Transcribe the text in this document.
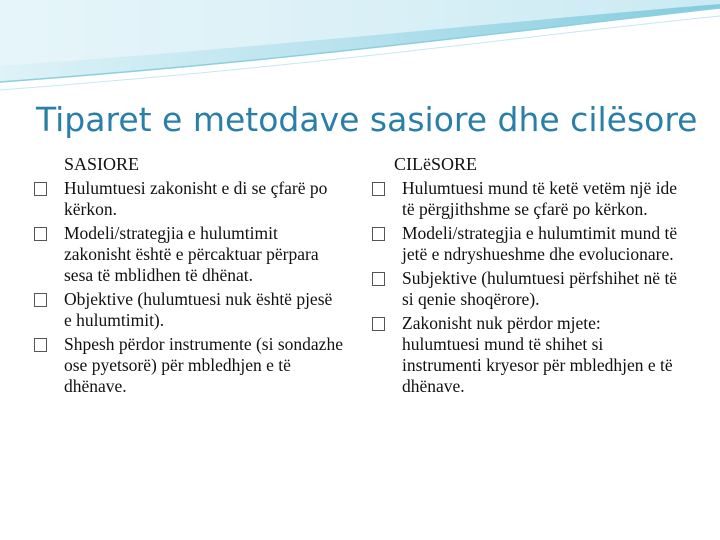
Tiparet e metodave sasiore dhe cilësore
SASIORE
Hulumtuesi zakonisht e di se çfarë po kërkon.
Modeli/strategjia e hulumtimit zakonisht është e përcaktuar përpara sesa të mblidhen të dhënat.
Objektive (hulumtuesi nuk është pjesë e hulumtimit).
Shpesh përdor instrumente (si sondazhe ose pyetsorë) për mbledhjen e të dhënave.
CILëSORE
Hulumtuesi mund të ketë vetëm një ide të përgjithshme se çfarë po kërkon.
Modeli/strategjia e hulumtimit mund të jetë e ndryshueshme dhe evolucionare.
Subjektive (hulumtuesi përfshihet në të si qenie shoqërore).
Zakonisht nuk përdor mjete: hulumtuesi mund të shihet si instrumenti kryesor për mbledhjen e të dhënave.
